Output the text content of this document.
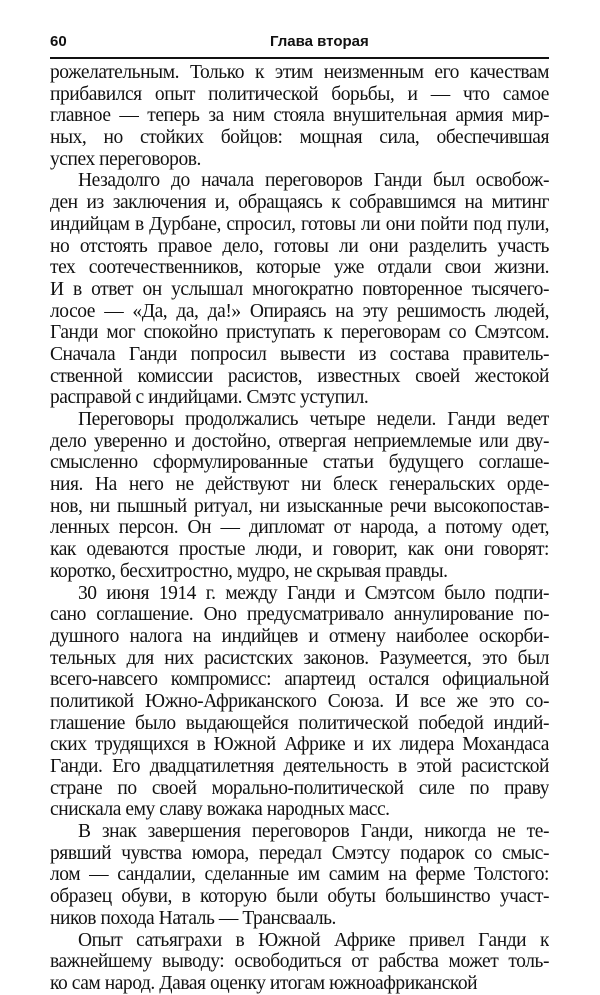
60	Глава вторая
рожелательным. Только к этим неизменным его качествам
прибавился опыт политической борьбы, и — что самое
главное — теперь за ним стояла внушительная армия мир-
ных, но стойких бойцов: мощная сила, обеспечившая
успех переговоров.
Незадолго до начала переговоров Ганди был освобож-
ден из заключения и, обращаясь к собравшимся на митинг
индийцам в Дурбане, спросил, готовы ли они пойти под пули,
но отстоять правое дело, готовы ли они разделить участь
тех соотечественников, которые уже отдали свои жизни.
И в ответ он услышал многократно повторенное тысячего-
лосое — «Да, да, да!» Опираясь на эту решимость людей,
Ганди мог спокойно приступать к переговорам со Смэтсом.
Сначала Ганди попросил вывести из состава правитель-
ственной комиссии расистов, известных своей жестокой
расправой с индийцами. Смэтс уступил.
Переговоры продолжались четыре недели. Ганди ведет
дело уверенно и достойно, отвергая неприемлемые или дву-
смысленно сформулированные статьи будущего соглаше-
ния. На него не действуют ни блеск генеральских орде-
нов, ни пышный ритуал, ни изысканные речи высокопостав-
ленных персон. Он — дипломат от народа, а потому одет,
как одеваются простые люди, и говорит, как они говорят:
коротко, бесхитростно, мудро, не скрывая правды.
30 июня 1914 г. между Ганди и Смэтсом было подпи-
сано соглашение. Оно предусматривало аннулирование по-
душного налога на индийцев и отмену наиболее оскорби-
тельных для них расистских законов. Разумеется, это был
всего-навсего компромисс: апартеид остался официальной
политикой Южно-Африканского Союза. И все же это со-
глашение было выдающейся политической победой индий-
ских трудящихся в Южной Африке и их лидера Мохандаса
Ганди. Его двадцатилетняя деятельность в этой расистской
стране по своей морально-политической силе по праву
снискала ему славу вожака народных масс.
В знак завершения переговоров Ганди, никогда не те-
рявший чувства юмора, передал Смэтсу подарок со смыс-
лом — сандалии, сделанные им самим на ферме Толстого:
образец обуви, в которую были обуты большинство участ-
ников похода Наталь — Трансвааль.
Опыт сатьяграхи в Южной Африке привел Ганди к
важнейшему выводу: освободиться от рабства может толь-
ко сам народ. Давая оценку итогам южноафриканской
